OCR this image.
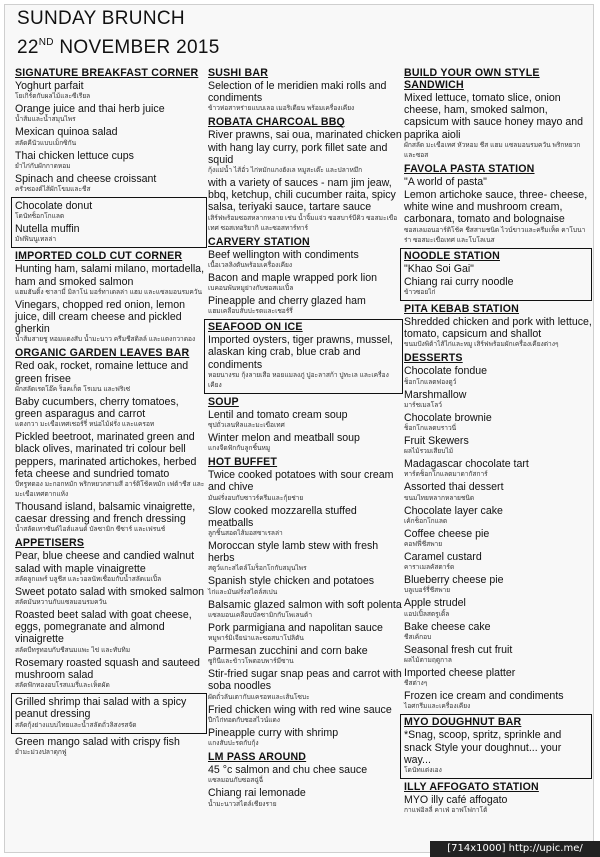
SUNDAY BRUNCH
22ND NOVEMBER 2015
SIGNATURE BREAKFAST CORNER
Yoghurt parfait
โยเกิร์ตกับผลไม้และซีเรียล
Orange juice and thai herb juice
น้ำส้มและน้ำสมุนไพร
Mexican quinoa salad
สลัดคีนัวแบบเม็กซิกัน
Thai chicken lettuce cups
ยำไก่กับผักกาดหอม
Spinach and cheese croissant
ครัวซองต์ไส้ผักโขมและชีส
Chocolate donut
โดนัทช็อกโกแลต
Nutella muffin
มัฟฟินนูเทลล่า
IMPORTED COLD CUT CORNER
Hunting ham, salami milano, mortadella, ham and smoked salmon
แฮมฮันติ้ง ซาลามี่ มิลาโน่ มอร์ทาเดลล่า แฮม และแซลมอนรมควัน
Vinegars, chopped red onion, lemon juice, dill cream cheese and pickled gherkin
น้ำส้มสายชู หอมแดงสับ น้ำมะนาว ครีมชีสดิลล์ และแตงกวาดอง
ORGANIC GARDEN LEAVES BAR
Red oak, rocket, romaine lettuce and green frisee
ผักสลัดเรดโอ๊ค ร็อคเก็ต โรเมน และฟริเซ่
Baby cucumbers, cherry tomatoes, green asparagus and carrot
แตงกวา มะเขือเทศเชอร์รี่ หน่อไม้ฝรั่ง และแครอท
Pickled beetroot, marinated green and black olives, marinated tri colour bell peppers, marinated artichokes, herbed feta cheese and sundried tomato
บีทรูทดอง มะกอกหมัก พริกหยวกสามสี อาร์ติโช้คหมัก เฟต้าชีส และมะเขือเทศตากแห้ง
Thousand island, balsamic vinaigrette, caesar dressing and french dressing
น้ำสลัดเทาซันด์ไอส์แลนด์ บัลซามิก ซีซาร์ และเฟรนช์
APPETISERS
Pear, blue cheese and candied walnut salad with maple vinaigrette
สลัดลูกแพร์ บลูชีส และวอลนัทเชื่อมกับน้ำสลัดเมเปิ้ล
Sweet potato salad with smoked salmon
สลัดมันหวานกับแซลมอนรมควัน
Roasted beet salad with goat cheese, eggs, pomegranate and almond vinaigrette
สลัดบีทรูทอบกับชีสนมแพะ ไข่ และทับทิม
Rosemary roasted squash and sauteed mushroom salad
สลัดฟักทองอบโรสแมรี่และเห็ดผัด
Grilled shrimp thai salad with a spicy peanut dressing
สลัดกุ้งย่างแบบไทยและน้ำสลัดถั่วลิสงรสจัด
Green mango salad with crispy fish
ยำมะม่วงปลาดุกฟู
SUSHI BAR
Selection of le meridien maki rolls and condiments
ข้าวห่อสาหร่ายแบบเลอ เมอริเดียน พร้อมเครื่องเคียง
ROBATA CHARCOAL BBQ
River prawns, sai oua, marinated chicken with hang lay curry, pork fillet sate and squid
กุ้งแม่น้ำ ไส้อั่ว ไก่หมักแกงฮังเล หมูสะเต๊ะ และปลาหมึก
with a variety of sauces - nam jim jeaw, bbq, ketchup, chili cucumber raita, spicy salsa, teriyaki sauce, tartare sauce
เสิร์ฟพร้อมซอสหลากหลาย เช่น น้ำจิ้มแจ่ว ซอสบาร์บีคิว ซอสมะเขือเทศ ซอสเทอริยากิ และซอสทาร์ทาร์
CARVERY STATION
Beef wellington with condiments
เนื้อเวลลิงตันพร้อมเครื่องเคียง
Bacon and maple wrapped pork lion
เบคอนพันหมูย่างกับซอสเมเปิ้ล
Pineapple and cherry glazed ham
แฮมเคลือบสับปะรดและเชอร์รี่
SEAFOOD ON ICE
Imported oysters, tiger prawns, mussel, alaskan king crab, blue crab and condiments
หอยนางรม กุ้งลายเสือ หอยแมลงภู่ ปูอะลาสก้า ปูทะเล และเครื่องเคียง
SOUP
Lentil and tomato cream soup
ซุปถั่วเลนทิลและมะเขือเทศ
Winter melon and meatball soup
แกงจืดฟักกับลูกชิ้นหมู
HOT BUFFET
Twice cooked potatoes with sour cream and chive
มันฝรั่งอบกับซาวร์ครีมและกุ้ยช่าย
Slow cooked mozzarella stuffed meatballs
ลูกชิ้นสอดไส้มอสซาเรลล่า
Moroccan style lamb stew with fresh herbs
สตูว์แกะสไตล์โมร็อกโกกับสมุนไพร
Spanish style chicken and potatoes
ไก่และมันฝรั่งสไตล์สเปน
Balsamic glazed salmon with soft polenta
แซลมอนเคลือบบัลซามิกกับโพเลนต้า
Pork parmigiana and napolitan sauce
หมูพาร์มิเจียน่าและซอสนาโปลิตัน
Parmesan zucchini and corn bake
ซูกินีและข้าวโพดอบพาร์มีซาน
Stir-fried sugar snap peas and carrot with soba noodles
ผัดถั่วลันเตากับแครอทและเส้นโซบะ
Fried chicken wing with red wine sauce
ปีกไก่ทอดกับซอสไวน์แดง
Pineapple curry with shrimp
แกงสับปะรดกับกุ้ง
LM PASS AROUND
45 °c salmon and chu chee sauce
แซลมอนกับซอสฉู่ฉี่
Chiang rai lemonade
น้ำมะนาวสไตล์เชียงราย
BUILD YOUR OWN STYLE SANDWICH
Mixed lettuce, tomato slice, onion cheese, ham, smoked salmon, capsicum with sauce honey mayo and paprika aioli
ผักสลัด มะเขือเทศ หัวหอม ชีส แฮม แซลมอนรมควัน พริกหยวก และซอส
FAVOLA PASTA STATION
"A world of pasta"
Lemon artichoke sauce, three- cheese, white wine and mushroom cream, carbonara, tomato and bolognaise
ซอสเลมอนอาร์ติโช้ค ชีสสามชนิด ไวน์ขาวและครีมเห็ด คาโบนาร่า ซอสมะเขือเทศ และโบโลเนส
NOODLE STATION
"Khao Soi Gai"
Chiang rai curry noodle
ข้าวซอยไก่
PITA KEBAB STATION
Shredded chicken and pork with lettuce, tomato, capsicum and shallot
ขนมปังพิต้าไส้ไก่และหมู เสิร์ฟพร้อมผักเครื่องเคียงต่างๆ
DESSERTS
Chocolate fondue
ช็อกโกแลตฟองดูว์
Marshmallow
มาร์ชเมลโลว์
Chocolate brownie
ช็อกโกแลตบราวนี่
Fruit Skewers
ผลไม้รวมเสียบไม้
Madagascar chocolate tart
ทาร์ตช็อกโกแลตมาดากัสการ์
Assorted thai dessert
ขนมไทยหลากหลายชนิด
Chocolate layer cake
เค้กช็อกโกแลต
Coffee cheese pie
คอฟฟี่ชีสพาย
Caramel custard
คาราเมลคัสตาร์ด
Blueberry cheese pie
บลูเบอร์รี่ชีสพาย
Apple strudel
แอปเปิ้ลสตรูเดิ้ล
Bake cheese cake
ชีสเค้กอบ
Seasonal fresh cut fruit
ผลไม้ตามฤดูกาล
Imported cheese platter
ชีสต่างๆ
Frozen ice cream and condiments
ไอศกรีมและเครื่องเคียง
MYO DOUGHNUT BAR
*Snag, scoop, spritz, sprinkle and snack Style your doughnut... your way...
โดนัทแต่งเอง
ILLY AFFOGATO STATION
MYO illy café affogato
กาแฟอิลลี่ คาเฟ่ อาฟโฟกาโต้
[714x1000] http://upic.me/
